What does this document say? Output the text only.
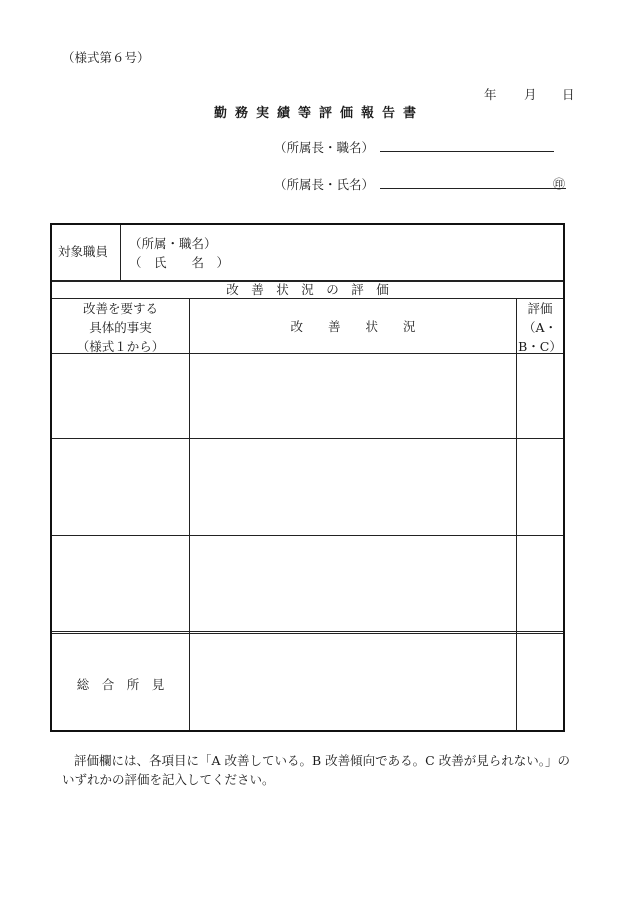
（様式第６号）
年 月 日
勤務実績等評価報告書
（所属長・職名）
（所属長・氏名）	㊞
対象職員
（所属・職名）
（　氏　　名　）
改　善　状　況　の　評　価
改善を要する
具体的事実
（様式１から）
改　　善　　状　　況
評価
（A・
B・C）
総　合　所　見
評価欄には、各項目に「A 改善している。B 改善傾向である。C 改善が見られない。」の
いずれかの評価を記入してください。
